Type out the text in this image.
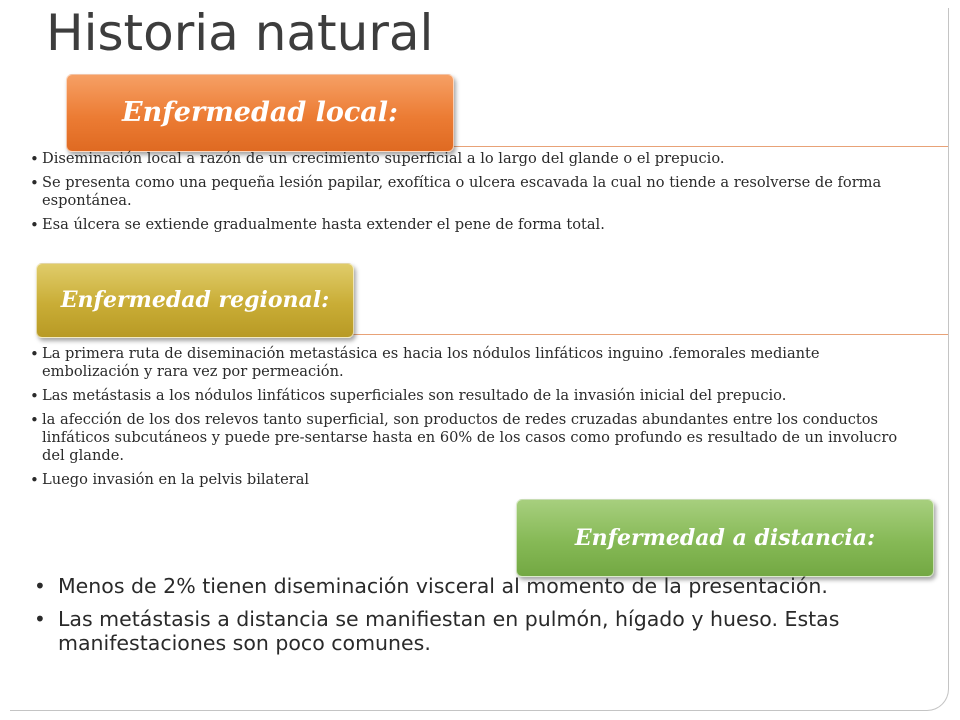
Historia natural
Enfermedad local:
• Diseminación local a razón de un crecimiento superficial a lo largo del glande o el prepucio.
• Se presenta como una pequeña lesión papilar, exofítica o ulcera escavada la cual no tiende a resolverse de forma espontánea.
• Esa úlcera se extiende gradualmente hasta extender el pene de forma total.
Enfermedad regional:
• La primera ruta de diseminación metastásica es hacia los nódulos linfáticos inguino .femorales mediante embolización y rara vez por permeación.
• Las metástasis a los nódulos linfáticos superficiales son resultado de la invasión inicial del prepucio.
• la afección de los dos relevos tanto superficial, son productos de redes cruzadas abundantes entre los conductos linfáticos subcutáneos y puede pre-sentarse hasta en 60% de los casos como profundo es resultado de un involucro del glande.
• Luego invasión en la pelvis bilateral
Enfermedad a distancia:
• Menos de 2% tienen diseminación visceral al momento de la presentación.
• Las metástasis a distancia se manifiestan en pulmón, hígado y hueso. Estas manifestaciones son poco comunes.
